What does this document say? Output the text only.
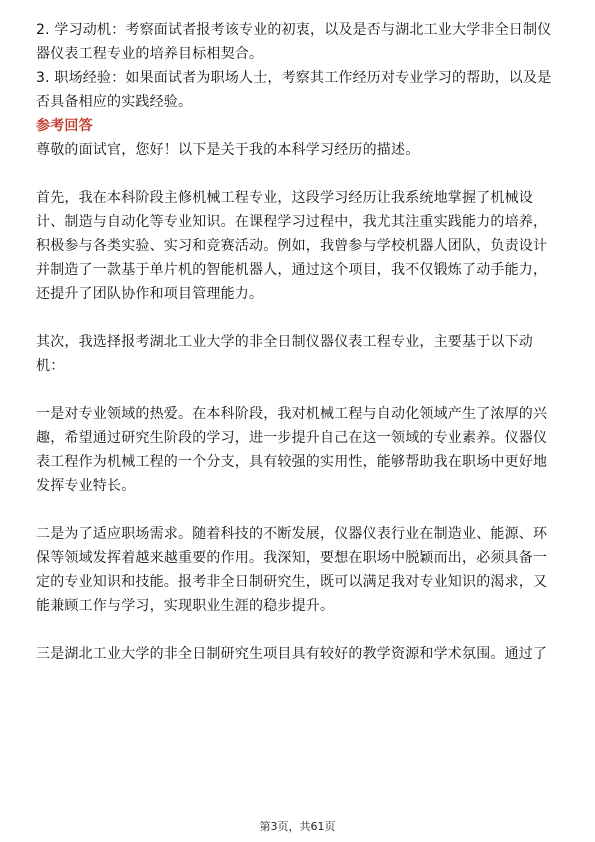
2. 学习动机：考察面试者报考该专业的初衷，以及是否与湖北工业大学非全日制仪
器仪表工程专业的培养目标相契合。
3. 职场经验：如果面试者为职场人士，考察其工作经历对专业学习的帮助，以及是
否具备相应的实践经验。
参考回答
尊敬的面试官，您好！以下是关于我的本科学习经历的描述。
首先，我在本科阶段主修机械工程专业，这段学习经历让我系统地掌握了机械设
计、制造与自动化等专业知识。在课程学习过程中，我尤其注重实践能力的培养，
积极参与各类实验、实习和竞赛活动。例如，我曾参与学校机器人团队，负责设计
并制造了一款基于单片机的智能机器人，通过这个项目，我不仅锻炼了动手能力，
还提升了团队协作和项目管理能力。
其次，我选择报考湖北工业大学的非全日制仪器仪表工程专业，主要基于以下动
机：
一是对专业领域的热爱。在本科阶段，我对机械工程与自动化领域产生了浓厚的兴
趣，希望通过研究生阶段的学习，进一步提升自己在这一领域的专业素养。仪器仪
表工程作为机械工程的一个分支，具有较强的实用性，能够帮助我在职场中更好地
发挥专业特长。
二是为了适应职场需求。随着科技的不断发展，仪器仪表行业在制造业、能源、环
保等领域发挥着越来越重要的作用。我深知，要想在职场中脱颖而出，必须具备一
定的专业知识和技能。报考非全日制研究生，既可以满足我对专业知识的渴求，又
能兼顾工作与学习，实现职业生涯的稳步提升。
三是湖北工业大学的非全日制研究生项目具有较好的教学资源和学术氛围。通过了
第3页，共61页
